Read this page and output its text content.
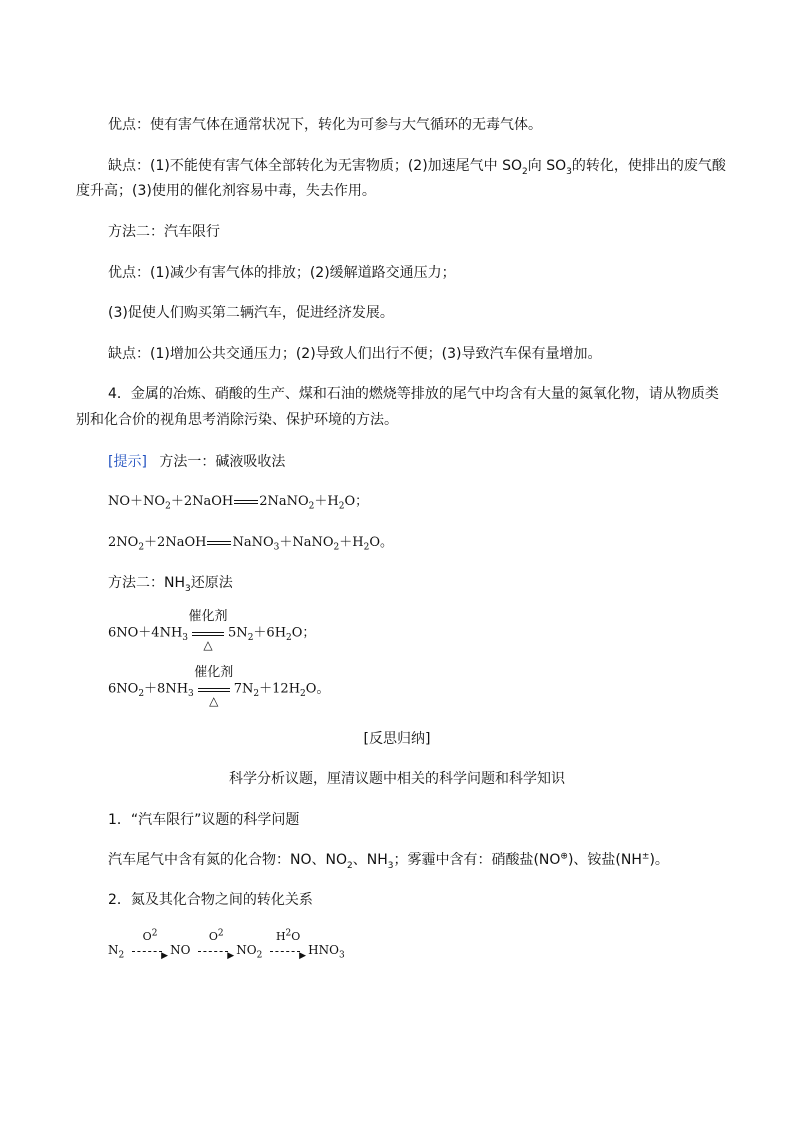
优点：使有害气体在通常状况下，转化为可参与大气循环的无毒气体。
缺点：(1)不能使有害气体全部转化为无害物质；(2)加速尾气中 $SO_2$向 $SO_3$的转化，使排出的废气酸
度升高；(3)使用的催化剂容易中毒，失去作用。
方法二：汽车限行
优点：(1)减少有害气体的排放；(2)缓解道路交通压力；
(3)促使人们购买第二辆汽车，促进经济发展。
缺点：(1)增加公共交通压力；(2)导致人们出行不便；(3)导致汽车保有量增加。
4．金属的冶炼、硝酸的生产、煤和石油的燃烧等排放的尾气中均含有大量的氮氧化物，请从物质类
别和化合价的视角思考消除污染、保护环境的方法。
[提示] 方法一：碱液吸收法
$NO+NO_2+2NaOH$ $2NaNO_2+H_2O$；
$2NO_2+2NaOH$ $NaNO_3+NaNO_2+H_2O$。
方法二：$NH_3$还原法
$6NO+4NH_3$
催化剂
△
$5N_2+6H_2O$；
$6NO_2+8NH_3$
催化剂
△
$7N_2+12H_2O$。
[反思归纳]
科学分析议题，厘清议题中相关的科学问题和科学知识
1．“汽车限行”议题的科学问题
汽车尾气中含有氮的化合物：NO、$NO_2$、$NH_3$；雾霾中含有：硝酸盐(NO⊕)、铵盐(NH±)。
2．氮及其化合物之间的转化关系
$N_2$
$O^2$
▶ NO
$O^2$
▶ $NO_2$
$H^2O$
▶ $HNO_3$
